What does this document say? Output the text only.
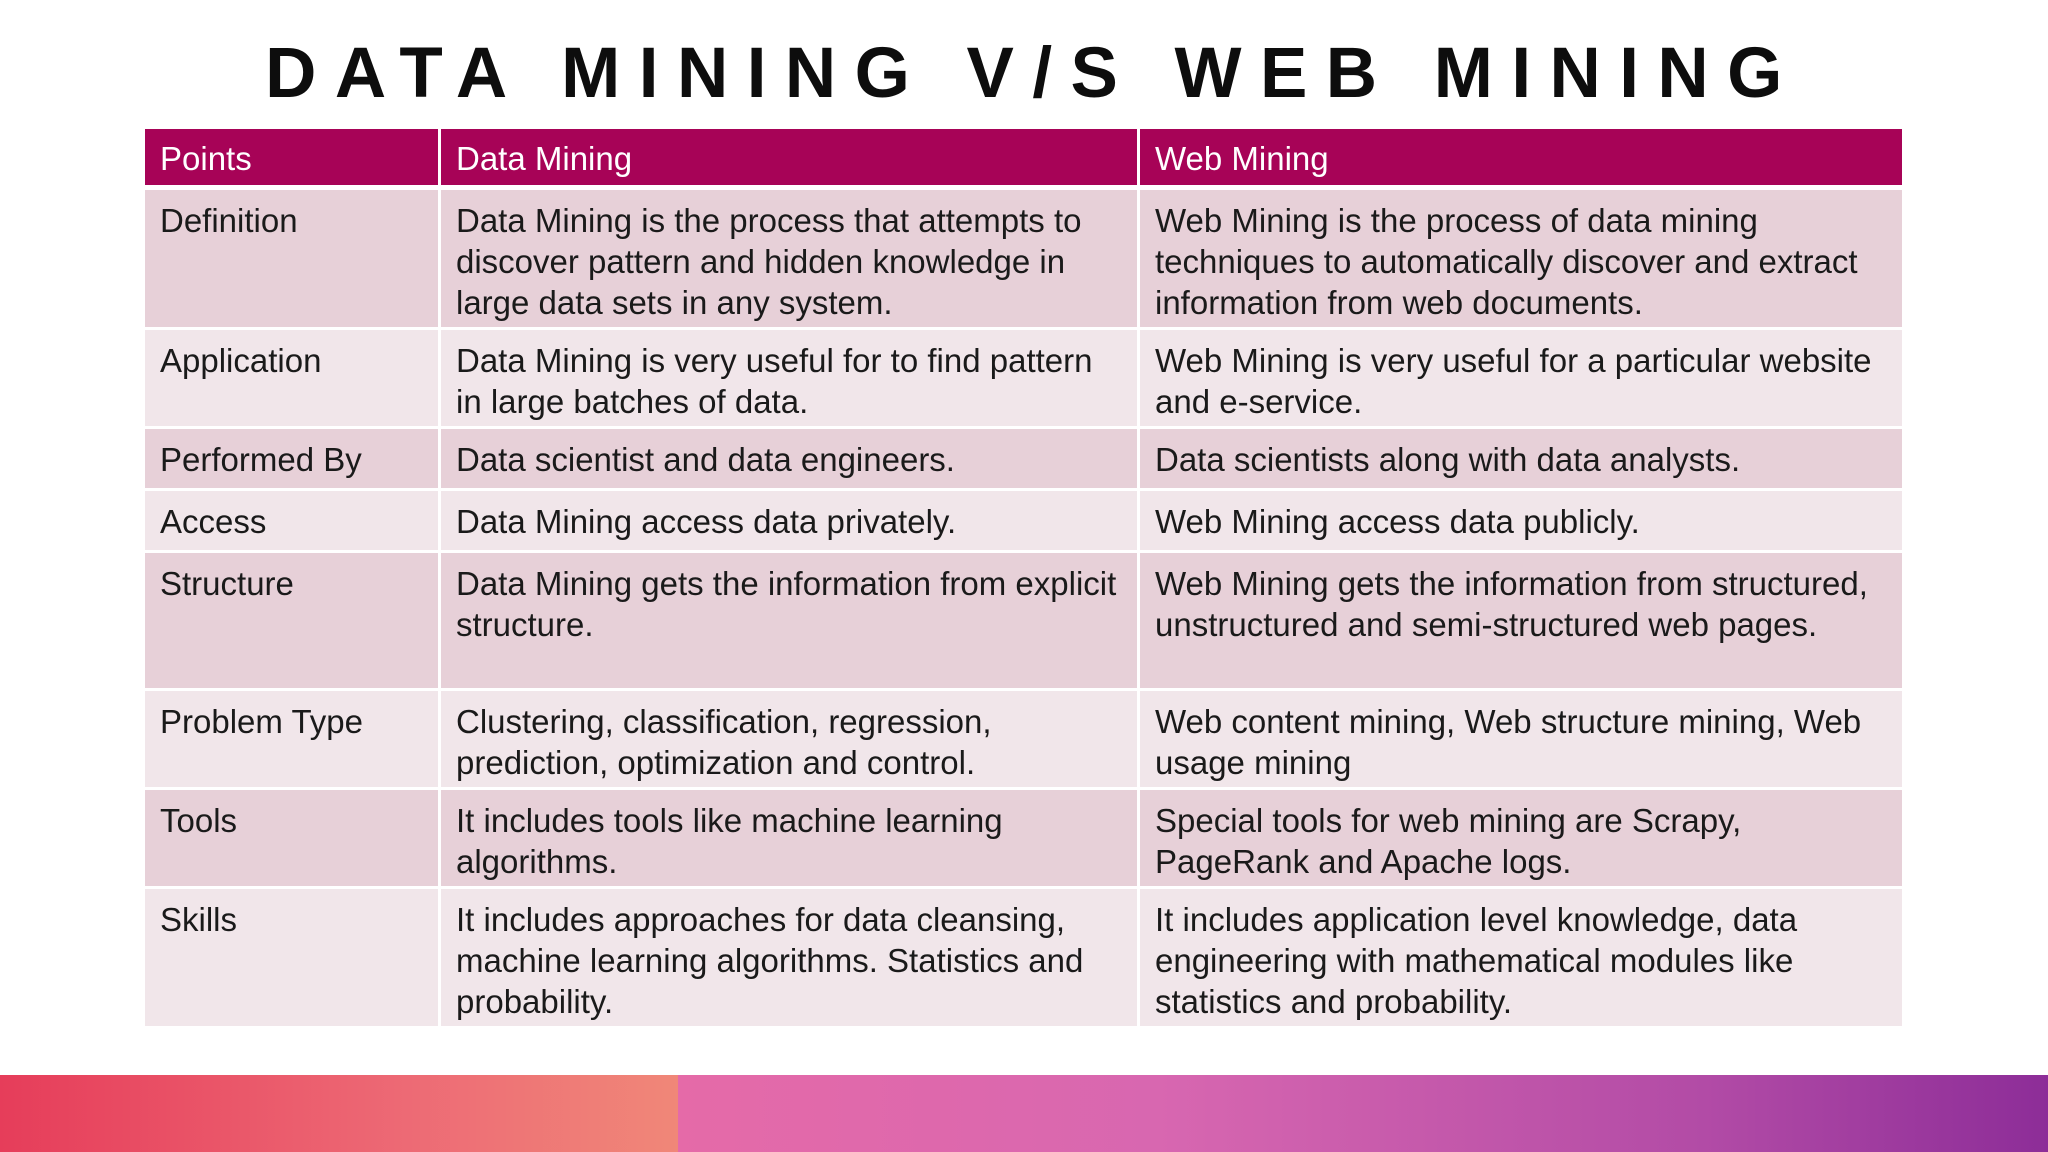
DATA MINING V/S WEB MINING
Points	Data Mining	Web Mining
Definition	Data Mining is the process that attempts to discover pattern and hidden knowledge in large data sets in any system.	Web Mining is the process of data mining techniques to automatically discover and extract information from web documents.
Application	Data Mining is very useful for to find pattern in large batches of data.	Web Mining is very useful for a particular website and e-service.
Performed By	Data scientist and data engineers.	Data scientists along with data analysts.
Access	Data Mining access data privately.	Web Mining access data publicly.
Structure	Data Mining gets the information from explicit structure.	Web Mining gets the information from structured, unstructured and semi-structured web pages.
Problem Type	Clustering, classification, regression, prediction, optimization and control.	Web content mining, Web structure mining, Web usage mining
Tools	It includes tools like machine learning algorithms.	Special tools for web mining are Scrapy, PageRank and Apache logs.
Skills	It includes approaches for data cleansing, machine learning algorithms. Statistics and probability.	It includes application level knowledge, data engineering with mathematical modules like statistics and probability.
